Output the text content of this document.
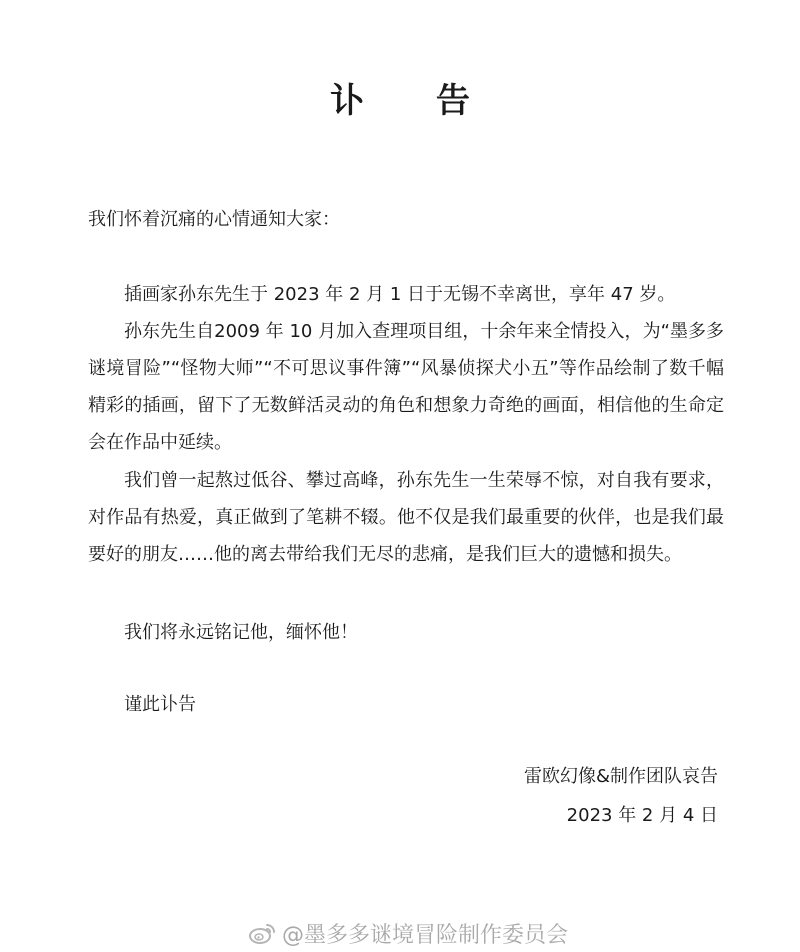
讣 告
我们怀着沉痛的心情通知大家：
插画家孙东先生于 2023 年 2 月 1 日于无锡不幸离世，享年 47 岁。
孙东先生自2009 年 10 月加入查理项目组，十余年来全情投入，为“墨多多谜境冒险”“怪物大师”“不可思议事件簿”“风暴侦探犬小五”等作品绘制了数千幅精彩的插画，留下了无数鲜活灵动的角色和想象力奇绝的画面，相信他的生命定会在作品中延续。
我们曾一起熬过低谷、攀过高峰，孙东先生一生荣辱不惊，对自我有要求，对作品有热爱，真正做到了笔耕不辍。他不仅是我们最重要的伙伴，也是我们最要好的朋友……他的离去带给我们无尽的悲痛，是我们巨大的遗憾和损失。
我们将永远铭记他，缅怀他！
谨此讣告
雷欧幻像&制作团队哀告
2023 年 2 月 4 日
@墨多多谜境冒险制作委员会
